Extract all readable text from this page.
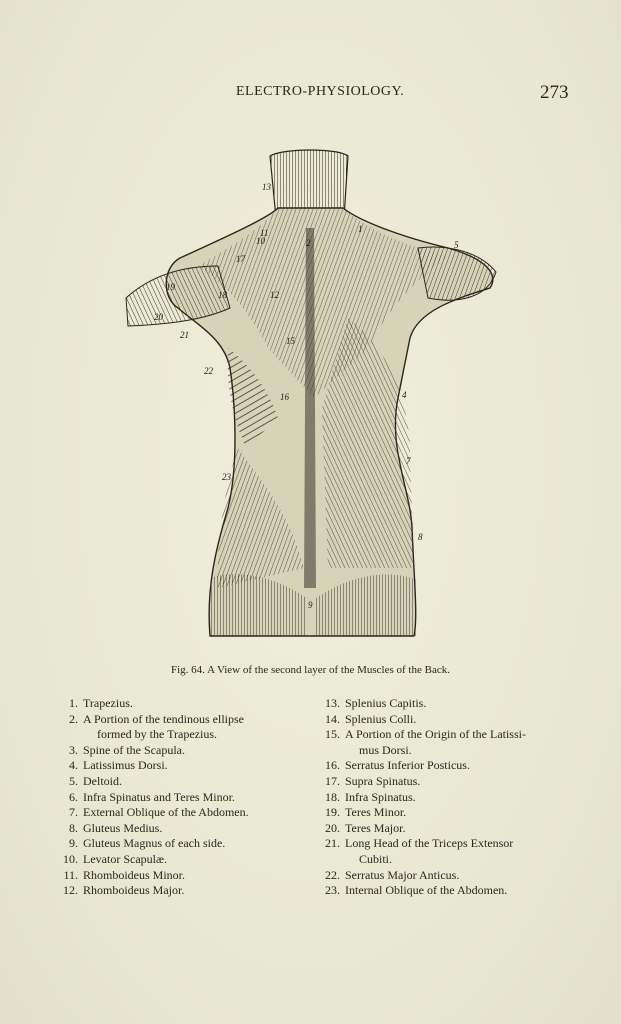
ELECTRO-PHYSIOLOGY.	273
1
2
4
5
7
8
9
10
11
12
13
15
16
17
18
19
20
21
22
23
Fig. 64. A View of the second layer of the Muscles of the Back.
1. Trapezius.
2. A Portion of the tendinous ellipse
formed by the Trapezius.
3. Spine of the Scapula.
4. Latissimus Dorsi.
5. Deltoid.
6. Infra Spinatus and Teres Minor.
7. External Oblique of the Abdomen.
8. Gluteus Medius.
9. Gluteus Magnus of each side.
10. Levator Scapulæ.
11. Rhomboideus Minor.
12. Rhomboideus Major.
13. Splenius Capitis.
14. Splenius Colli.
15. A Portion of the Origin of the Latissi-
mus Dorsi.
16. Serratus Inferior Posticus.
17. Supra Spinatus.
18. Infra Spinatus.
19. Teres Minor.
20. Teres Major.
21. Long Head of the Triceps Extensor
Cubiti.
22. Serratus Major Anticus.
23. Internal Oblique of the Abdomen.
